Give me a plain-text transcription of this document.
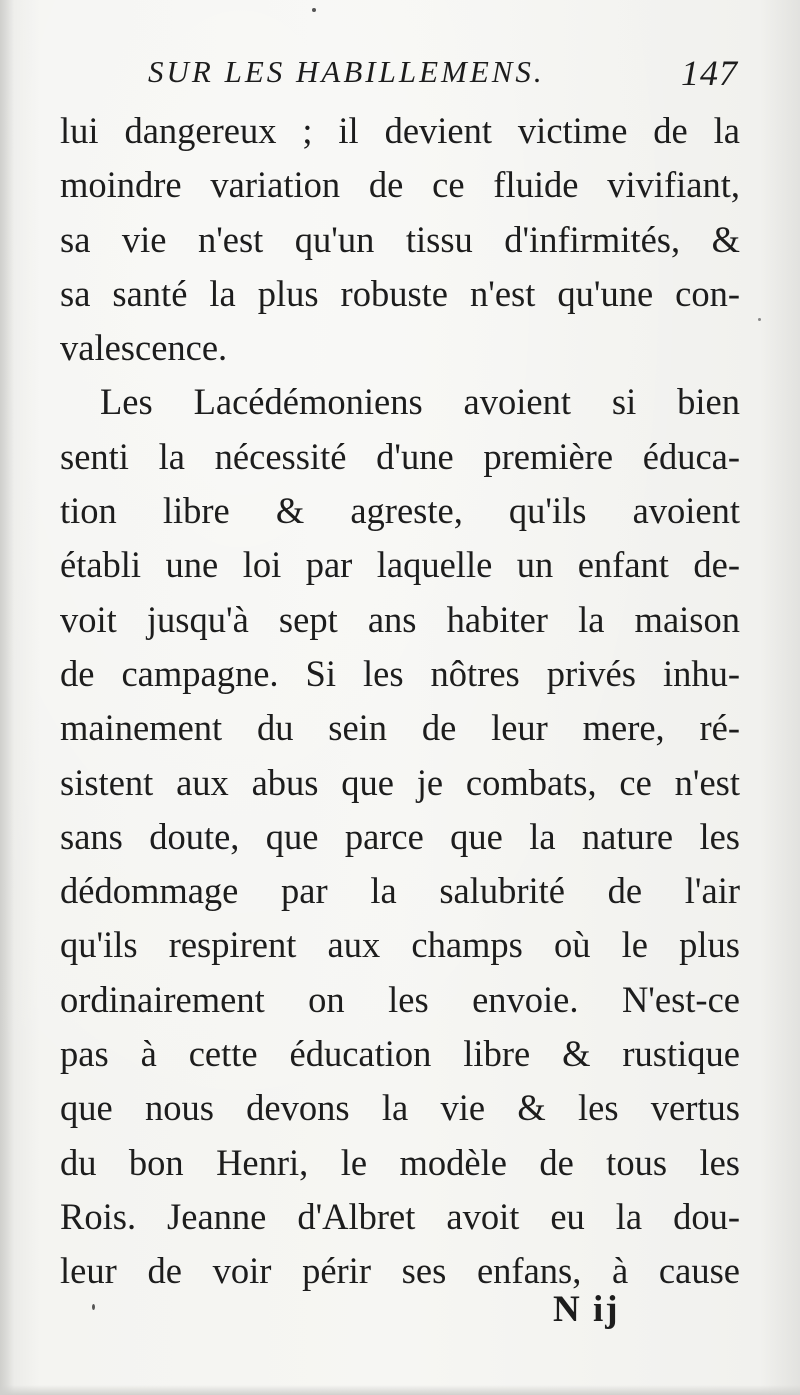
SUR LES HABILLEMENS.	147
lui dangereux ; il devient victime de la
moindre variation de ce fluide vivifiant,
sa vie n'est qu'un tissu d'infirmités, &
sa santé la plus robuste n'est qu'une con-
valescence.
Les Lacédémoniens avoient si bien
senti la nécessité d'une première éduca-
tion libre & agreste, qu'ils avoient
établi une loi par laquelle un enfant de-
voit jusqu'à sept ans habiter la maison
de campagne. Si les nôtres privés inhu-
mainement du sein de leur mere, ré-
sistent aux abus que je combats, ce n'est
sans doute, que parce que la nature les
dédommage par la salubrité de l'air
qu'ils respirent aux champs où le plus
ordinairement on les envoie. N'est-ce
pas à cette éducation libre & rustique
que nous devons la vie & les vertus
du bon Henri, le modèle de tous les
Rois. Jeanne d'Albret avoit eu la dou-
leur de voir périr ses enfans, à cause
N ij
